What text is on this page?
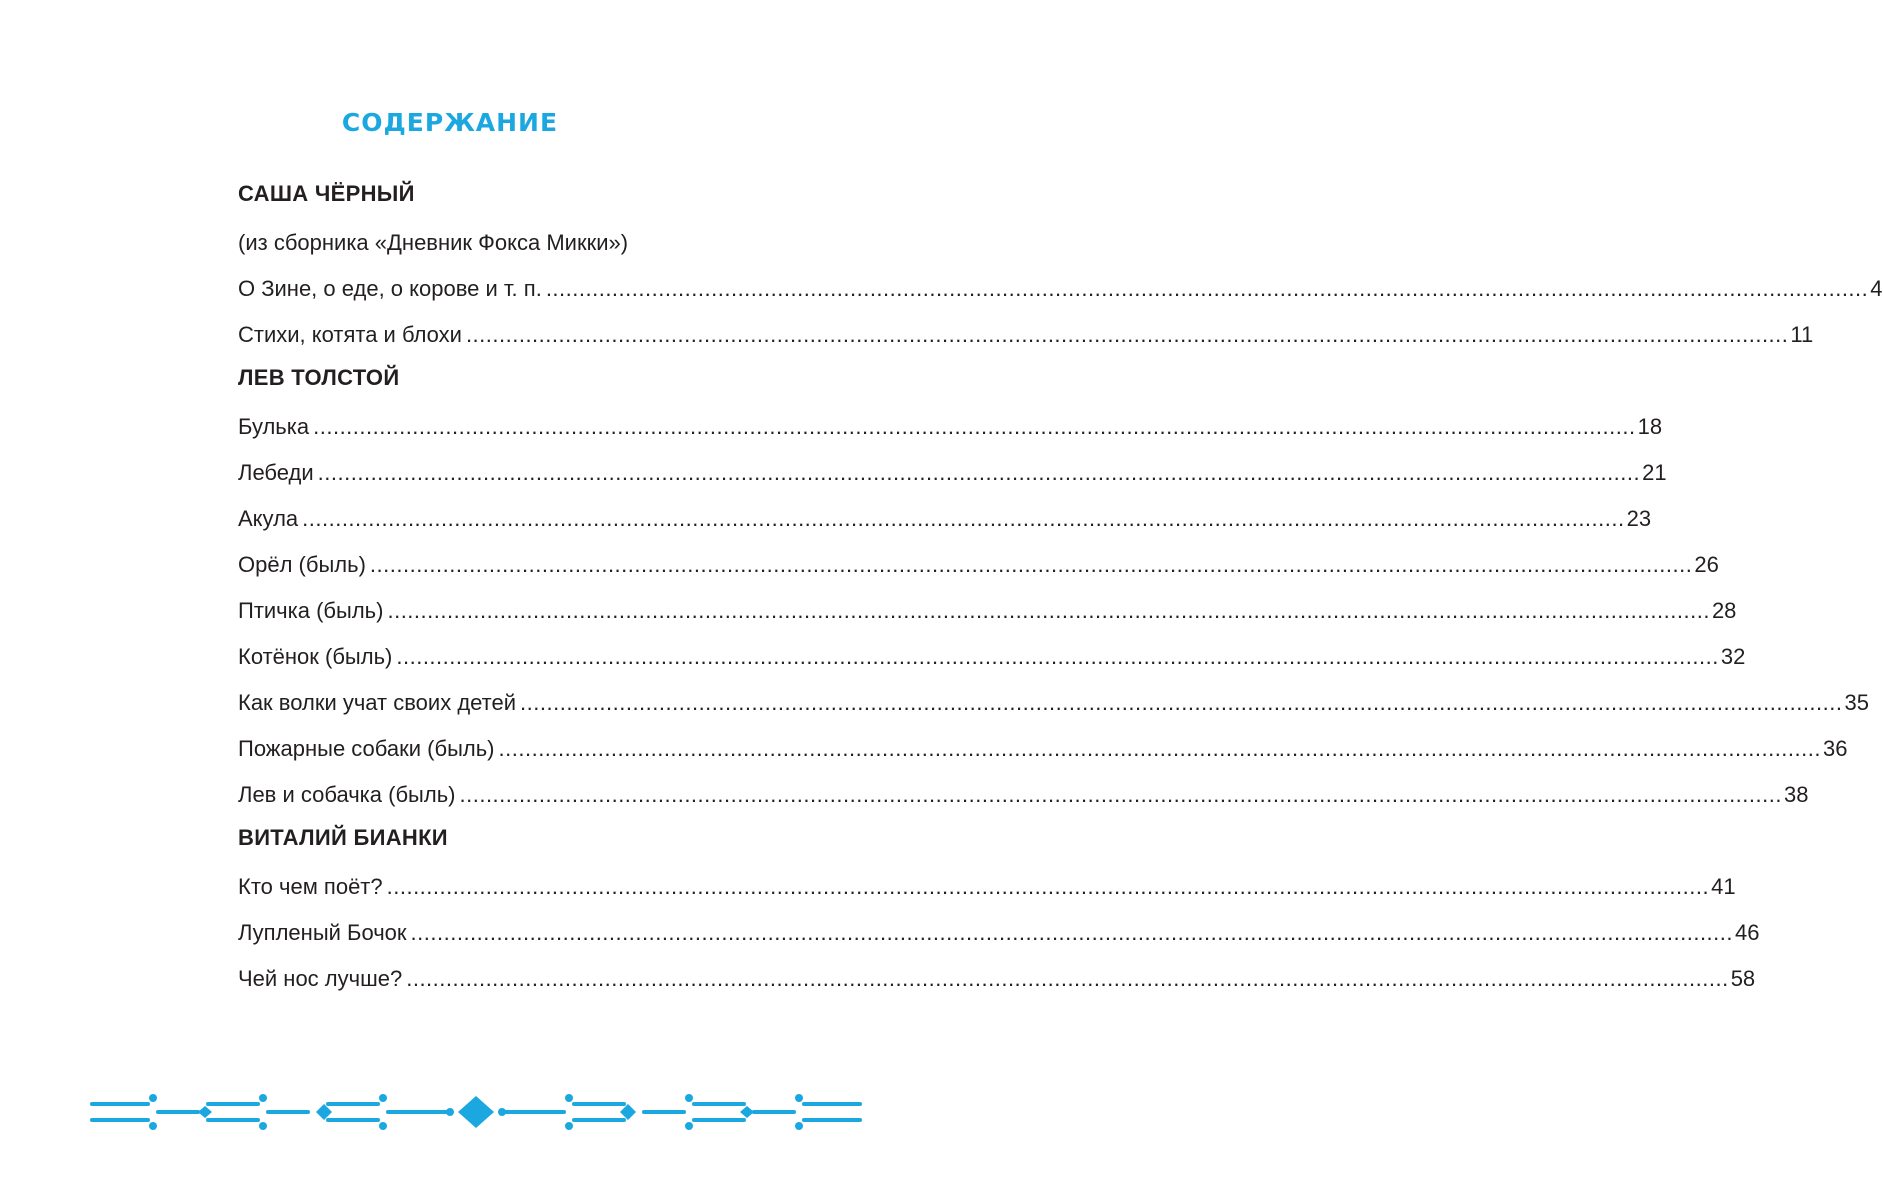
СОДЕРЖАНИЕ
САША ЧЁРНЫЙ
(из сборника «Дневник Фокса Микки»)
О Зине, о еде, о корове и т. п. ........................................................................................................................................................................................................ 4
Стихи, котята и блохи ........................................................................................................................................................................................................ 11
ЛЕВ ТОЛСТОЙ
Булька ........................................................................................................................................................................................................ 18
Лебеди ........................................................................................................................................................................................................ 21
Акула ........................................................................................................................................................................................................ 23
Орёл (быль) ........................................................................................................................................................................................................ 26
Птичка (быль) ........................................................................................................................................................................................................ 28
Котёнок (быль) ........................................................................................................................................................................................................ 32
Как волки учат своих детей ........................................................................................................................................................................................................ 35
Пожарные собаки (быль) ........................................................................................................................................................................................................ 36
Лев и собачка (быль) ........................................................................................................................................................................................................ 38
ВИТАЛИЙ БИАНКИ
Кто чем поёт? ........................................................................................................................................................................................................ 41
Лупленый Бочок ........................................................................................................................................................................................................ 46
Чей нос лучше? ........................................................................................................................................................................................................ 58
